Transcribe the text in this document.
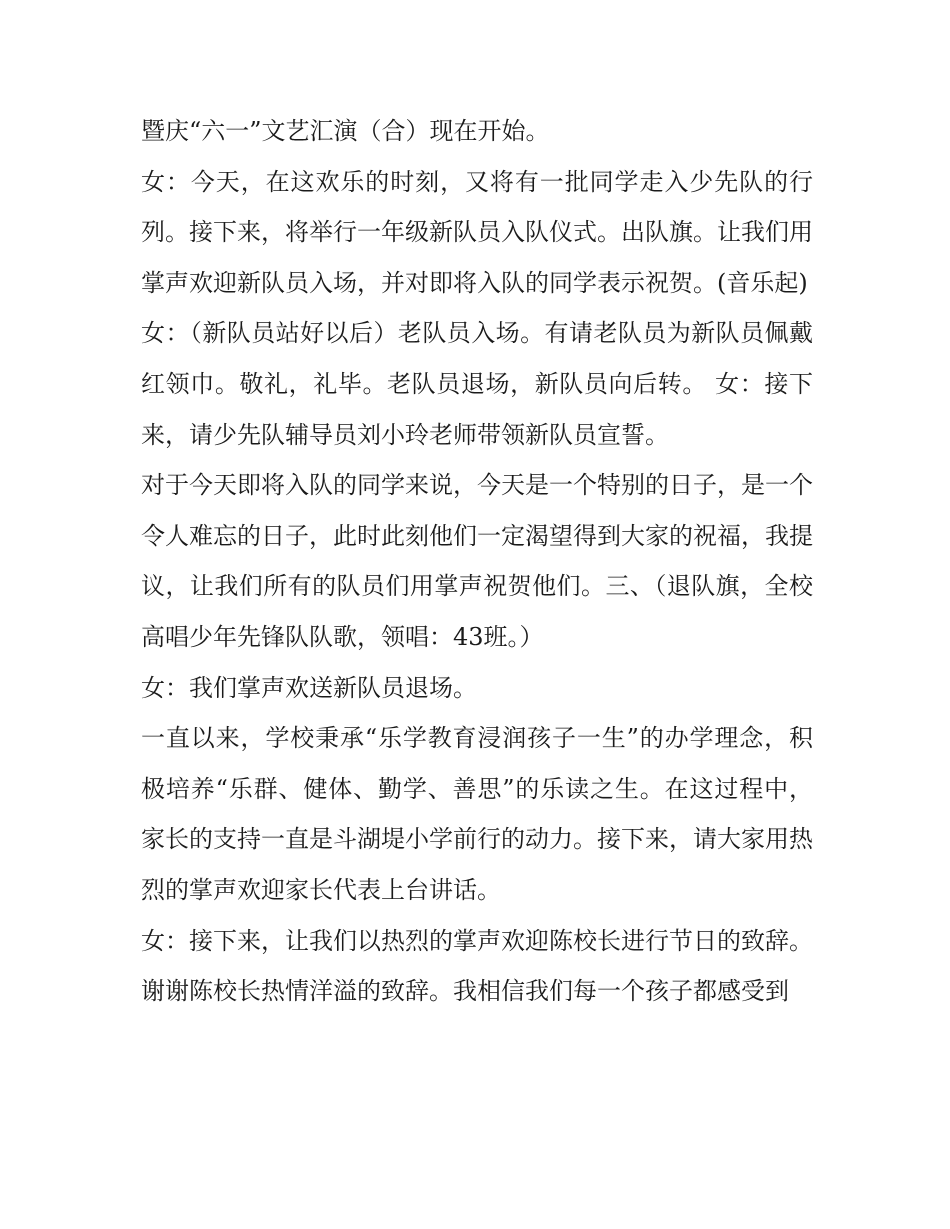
暨庆“六一”文艺汇演（合）现在开始。

女：今天，在这欢乐的时刻，又将有一批同学走入少先队的行列。接下来，将举行一年级新队员入队仪式。出队旗。让我们用掌声欢迎新队员入场，并对即将入队的同学表示祝贺。(音乐起)

女：（新队员站好以后）老队员入场。有请老队员为新队员佩戴红领巾。敬礼，礼毕。老队员退场，新队员向后转。 女：接下来，请少先队辅导员刘小玲老师带领新队员宣誓。

对于今天即将入队的同学来说，今天是一个特别的日子，是一个令人难忘的日子，此时此刻他们一定渴望得到大家的祝福，我提议，让我们所有的队员们用掌声祝贺他们。三、（退队旗，全校高唱少年先锋队队歌，领唱：43班。）

女：我们掌声欢送新队员退场。

一直以来，学校秉承“乐学教育浸润孩子一生”的办学理念，积极培养“乐群、健体、勤学、善思”的乐读之生。在这过程中，家长的支持一直是斗湖堤小学前行的动力。接下来，请大家用热烈的掌声欢迎家长代表上台讲话。

女：接下来，让我们以热烈的掌声欢迎陈校长进行节日的致辞。

谢谢陈校长热情洋溢的致辞。我相信我们每一个孩子都感受到
